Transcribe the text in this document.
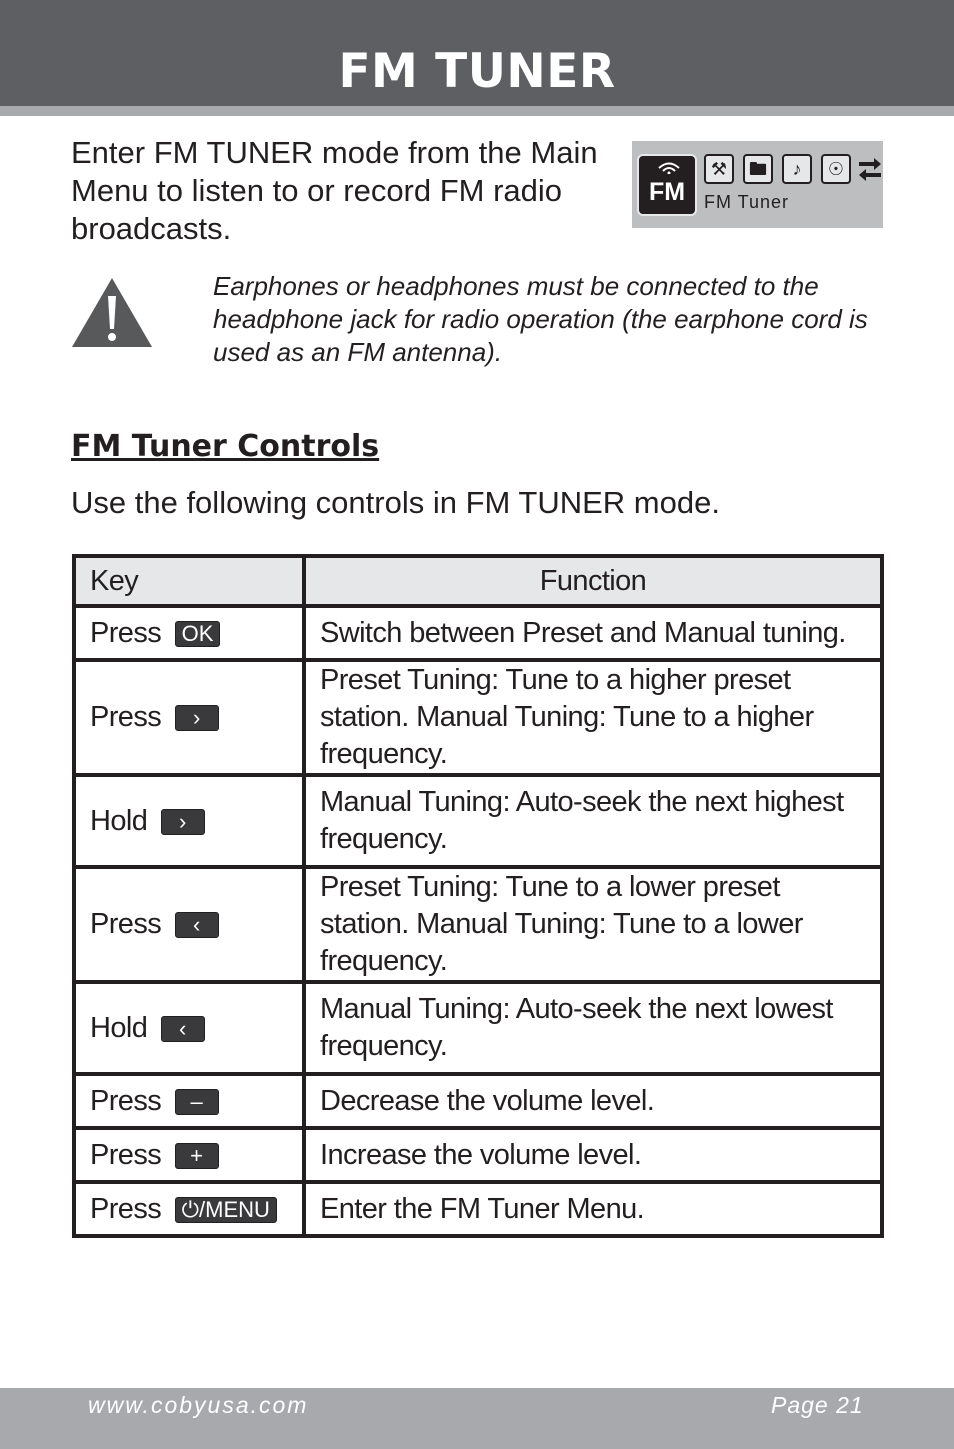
FM TUNER
Enter FM TUNER mode from the Main Menu to listen to or record FM radio broadcasts.
FM
⚒	🖿	♪	☉
FM Tuner
Earphones or headphones must be connected to the headphone jack for radio operation (the earphone cord is used as an FM antenna).
FM Tuner Controls
Use the following controls in FM TUNER mode.
Key	Function
Press OK	Switch between Preset and Manual tuning.
Press ›	Preset Tuning: Tune to a higher preset station. Manual Tuning: Tune to a higher frequency.
Hold ›	Manual Tuning: Auto-seek the next highest frequency.
Press ‹	Preset Tuning: Tune to a lower preset station. Manual Tuning: Tune to a lower frequency.
Hold ‹	Manual Tuning: Auto-seek the next lowest frequency.
Press –	Decrease the volume level.
Press +	Increase the volume level.
Press ⏻/MENU	Enter the FM Tuner Menu.
www.cobyusa.com	Page 21
